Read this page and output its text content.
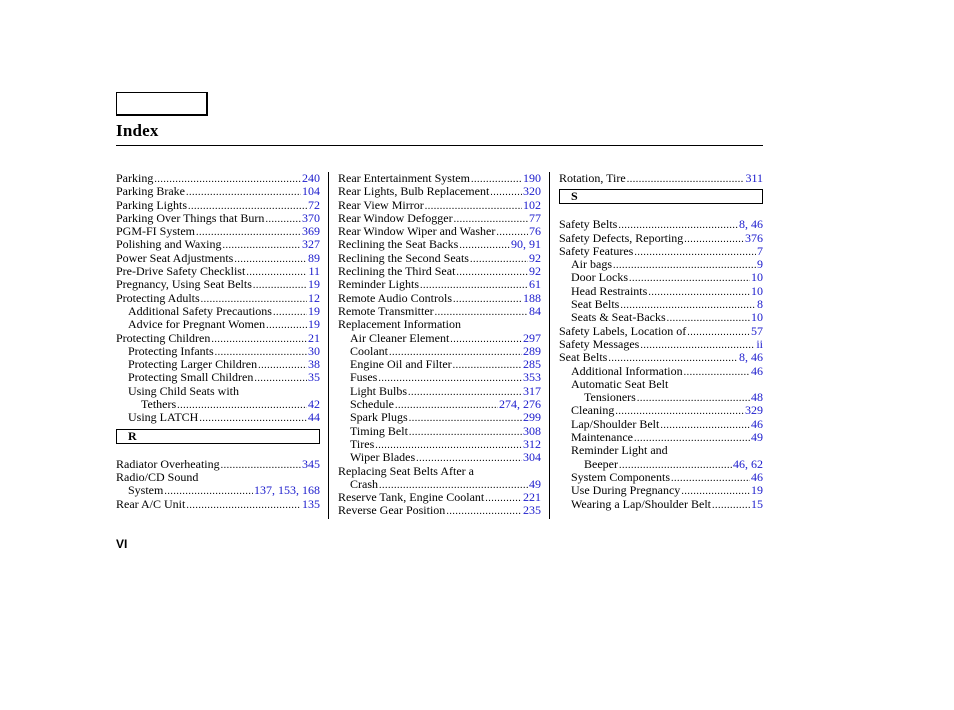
Index
Parking .....	240
Parking Brake .....	104
Parking Lights .....	72
Parking Over Things that Burn .....	370
PGM-FI System .....	369
Polishing and Waxing .....	327
Power Seat Adjustments .....	89
Pre-Drive Safety Checklist .....	11
Pregnancy, Using Seat Belts .....	19
Protecting Adults .....	12
Additional Safety Precautions .....	19
Advice for Pregnant Women .....	19
Protecting Children .....	21
Protecting Infants .....	30
Protecting Larger Children .....	38
Protecting Small Children .....	35
Using Child Seats with
Tethers .....	42
Using LATCH .....	44
R
Radiator Overheating .....	345
Radio/CD Sound
System .....	137, 153, 168
Rear A/C Unit .....	135
Rear Entertainment System .....	190
Rear Lights, Bulb Replacement .....	320
Rear View Mirror .....	102
Rear Window Defogger .....	77
Rear Window Wiper and Washer .....	76
Reclining the Seat Backs .....	90, 91
Reclining the Second Seats .....	92
Reclining the Third Seat .....	92
Reminder Lights .....	61
Remote Audio Controls .....	188
Remote Transmitter .....	84
Replacement Information
Air Cleaner Element .....	297
Coolant .....	289
Engine Oil and Filter .....	285
Fuses .....	353
Light Bulbs .....	317
Schedule .....	274, 276
Spark Plugs .....	299
Timing Belt .....	308
Tires .....	312
Wiper Blades .....	304
Replacing Seat Belts After a
Crash .....	49
Reserve Tank, Engine Coolant .....	221
Reverse Gear Position .....	235
Rotation, Tire .....	311
S
Safety Belts .....	8, 46
Safety Defects, Reporting .....	376
Safety Features .....	7
Air bags .....	9
Door Locks .....	10
Head Restraints .....	10
Seat Belts .....	8
Seats & Seat-Backs .....	10
Safety Labels, Location of .....	57
Safety Messages .....	ii
Seat Belts .....	8, 46
Additional Information .....	46
Automatic Seat Belt
Tensioners .....	48
Cleaning .....	329
Lap/Shoulder Belt .....	46
Maintenance .....	49
Reminder Light and
Beeper .....	46, 62
System Components .....	46
Use During Pregnancy .....	19
Wearing a Lap/Shoulder Belt .....	15
VI
